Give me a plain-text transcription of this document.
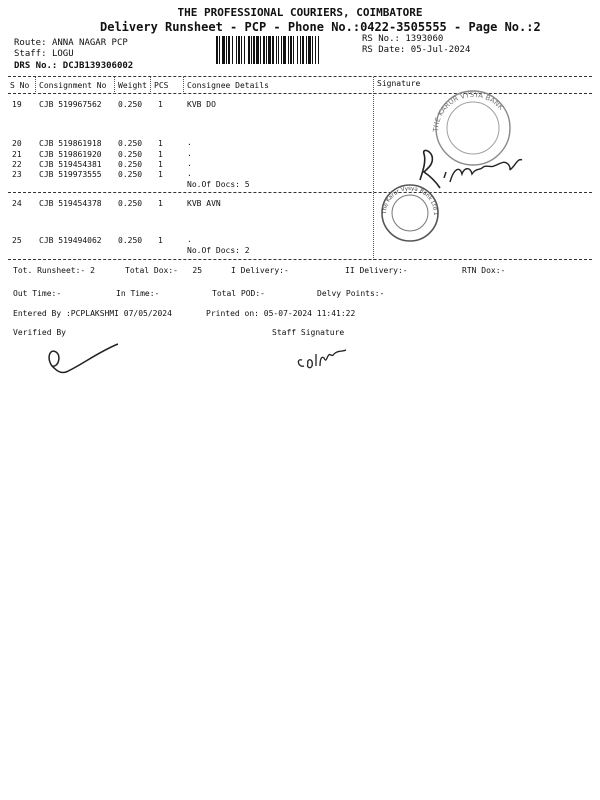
THE PROFESSIONAL COURIERS, COIMBATORE
Delivery Runsheet - PCP - Phone No.:0422-3505555 - Page No.:2
Route: ANNA NAGAR PCP
Staff: LOGU
DRS No.: DCJB139306002
RS No.: 1393060
RS Date: 05-Jul-2024
S No Consignment No Weight PCS Consignee Details	Signature
19 CJB 519967562 0.250 1	KVB DO
20 CJB 519861918 0.250 1	.
21 CJB 519861920 0.250 1	.
22 CJB 519454381 0.250 1	.
23 CJB 519973555 0.250 1	.
No.Of Docs: 5
24 CJB 519454378 0.250 1	KVB AVN
25 CJB 519494062 0.250 1	.
No.Of Docs: 2
THE KARUR VYSYA BANK
The Karur Vysya Bank Ltd 1
Tot. Runsheet:- 2	Total Dox:-   25	I Delivery:-	II Delivery:-	RTN Dox:-
Out Time:-	In Time:-	Total POD:-	Delvy Points:-
Entered By :PCPLAKSHMI 07/05/2024	Printed on: 05-07-2024 11:41:22
Verified By	Staff Signature
